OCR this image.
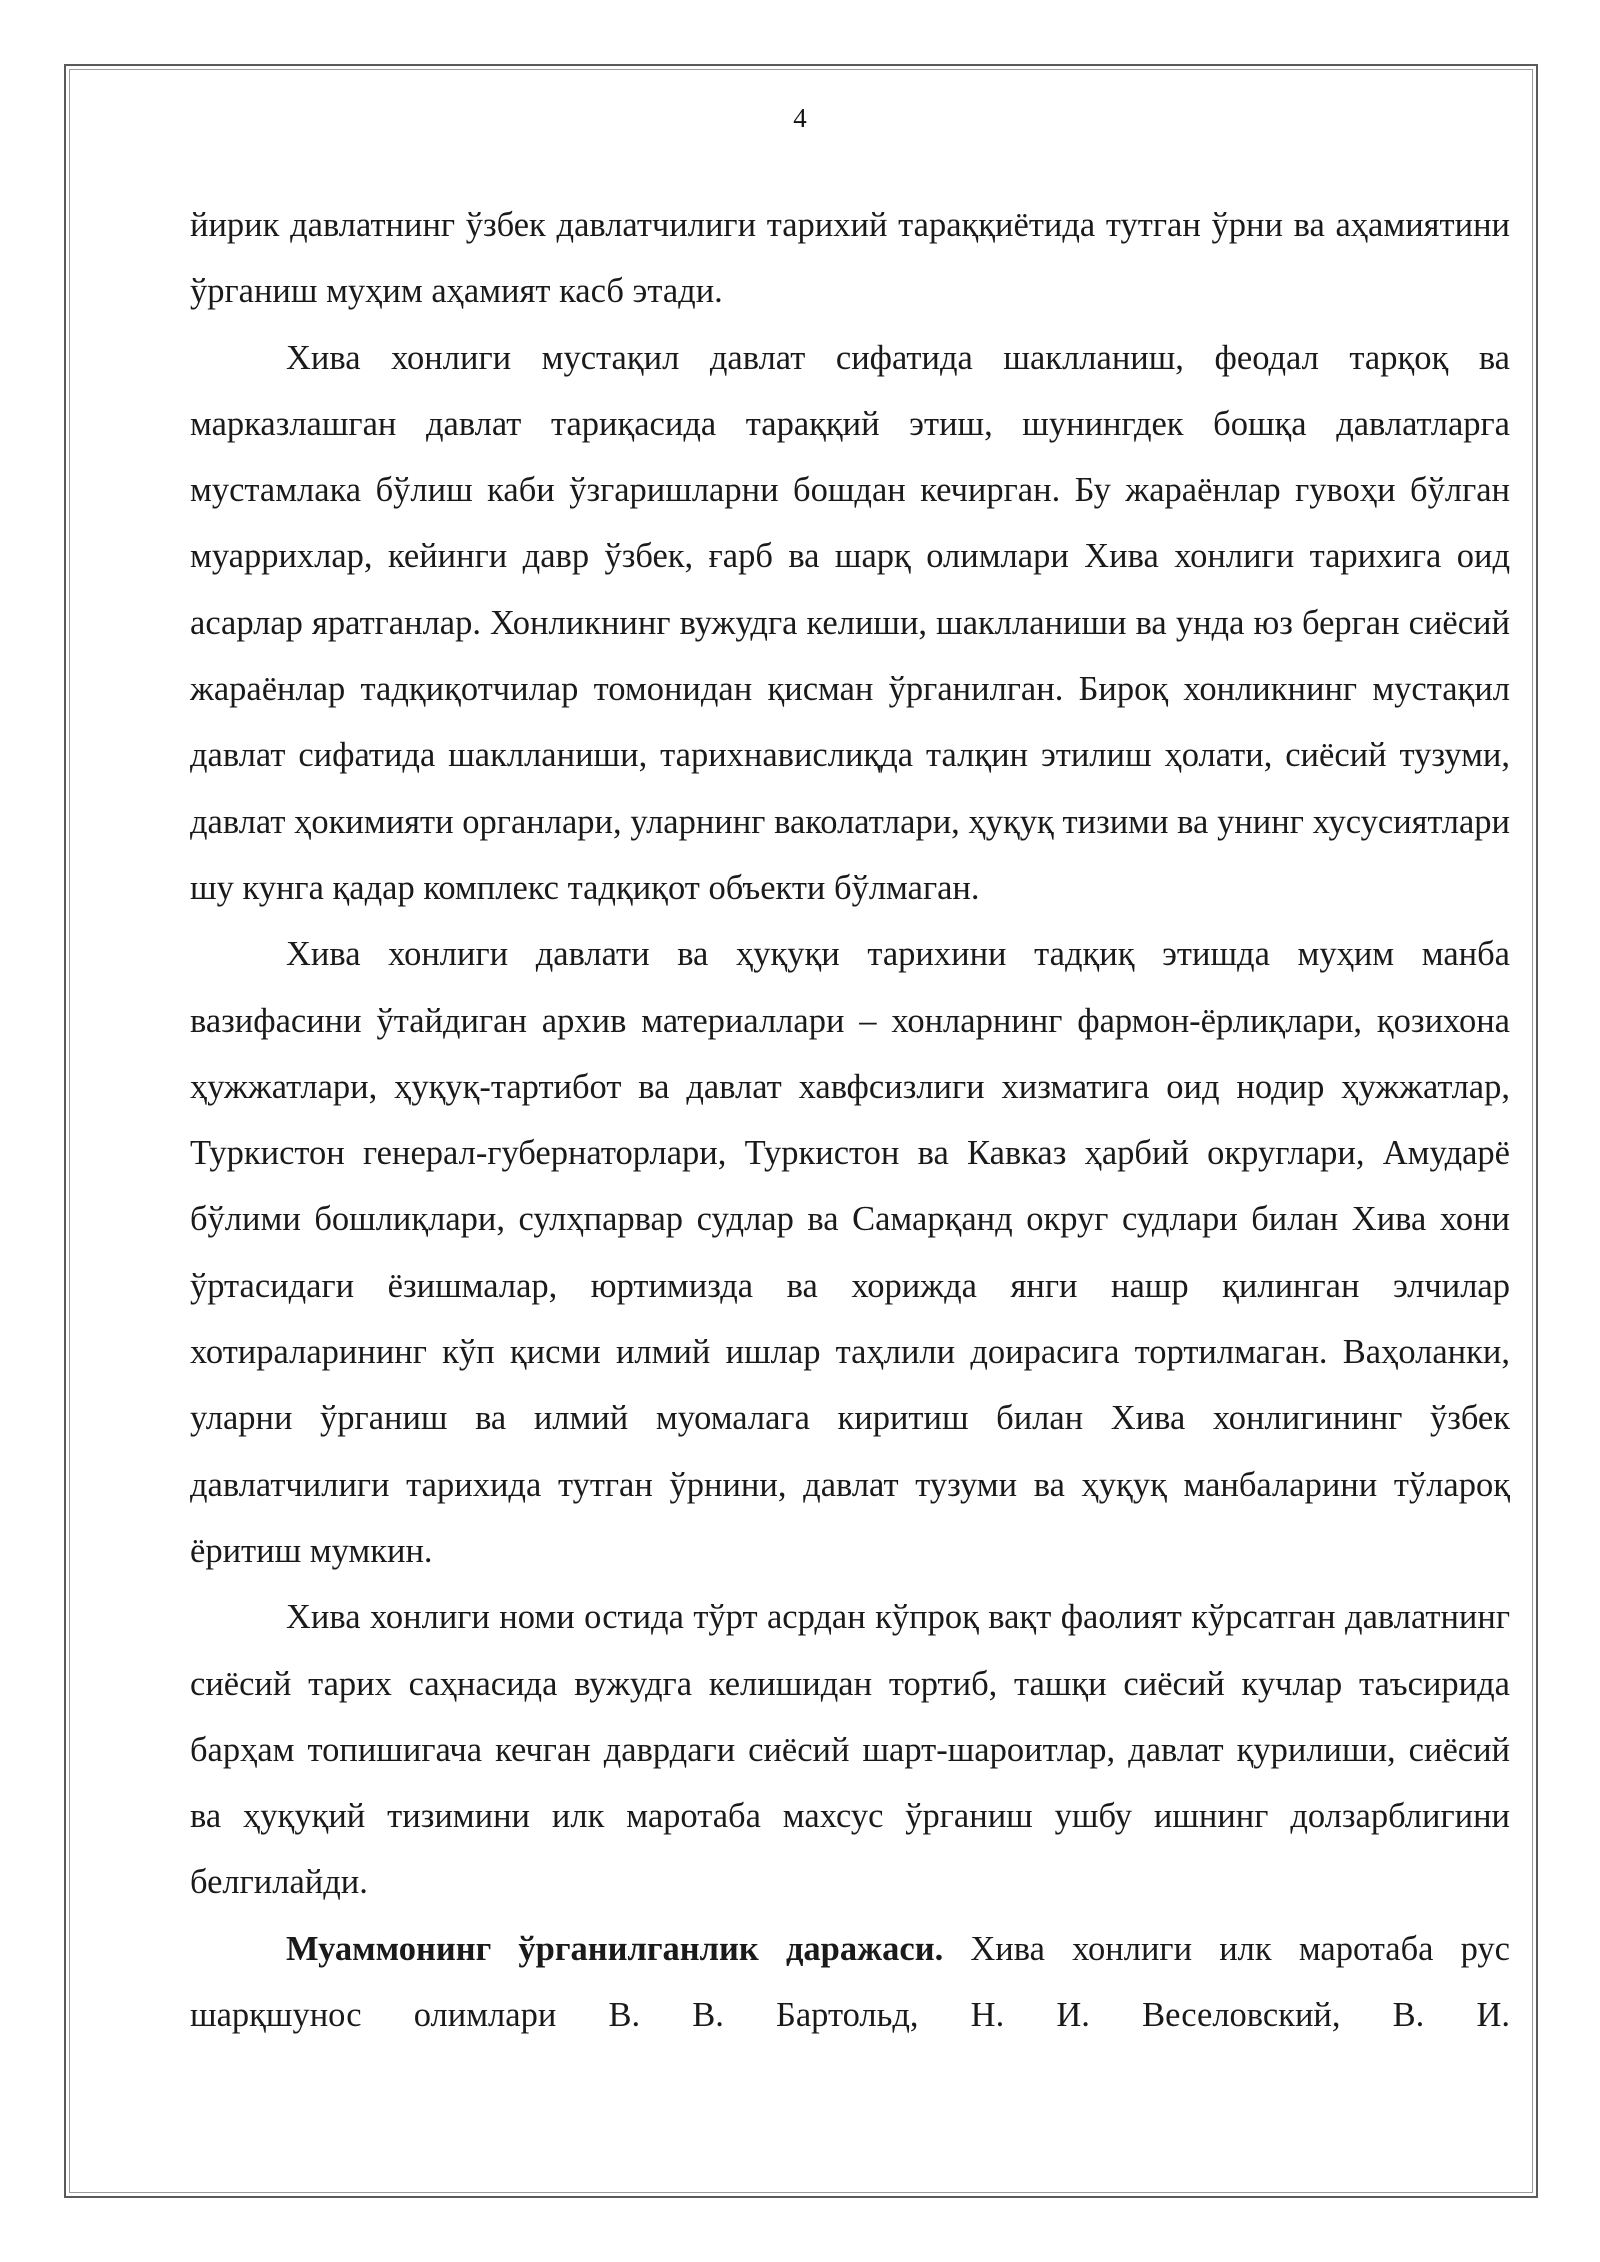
4

йирик давлатнинг ўзбек давлатчилиги тарихий тараққиётида тутган ўрни ва аҳамиятини ўрганиш муҳим аҳамият касб этади.

Хива хонлиги мустақил давлат сифатида шаклланиш, феодал тарқоқ ва марказлашган давлат тариқасида тараққий этиш, шунингдек бошқа давлатларга мустамлака бўлиш каби ўзгаришларни бошдан кечирган. Бу жараёнлар гувоҳи бўлган муаррихлар, кейинги давр ўзбек, ғарб ва шарқ олимлари Хива хонлиги тарихига оид асарлар яратганлар. Хонликнинг вужудга келиши, шаклланиши ва унда юз берган сиёсий жараёнлар тадқиқотчилар томонидан қисман ўрганилган. Бироқ хонликнинг мустақил давлат сифатида шаклланиши, тарихнавислиқда талқин этилиш ҳолати, сиёсий тузуми, давлат ҳокимияти органлари, уларнинг ваколатлари, ҳуқуқ тизими ва унинг хусусиятлари шу кунга қадар комплекс тадқиқот объекти бўлмаган.

Хива хонлиги давлати ва ҳуқуқи тарихини тадқиқ этишда муҳим манба вазифасини ўтайдиган архив материаллари – хонларнинг фармон-ёрлиқлари, қозихона ҳужжатлари, ҳуқуқ-тартибот ва давлат хавфсизлиги хизматига оид нодир ҳужжатлар, Туркистон генерал-губернаторлари, Туркистон ва Кавказ ҳарбий округлари, Амударё бўлими бошлиқлари, сулҳпарвар судлар ва Самарқанд округ судлари билан Хива хони ўртасидаги ёзишмалар, юртимизда ва хорижда янги нашр қилинган элчилар хотираларининг кўп қисми илмий ишлар таҳлили доирасига тортилмаган. Ваҳоланки, уларни ўрганиш ва илмий муомалага киритиш билан Хива хонлигининг ўзбек давлатчилиги тарихида тутган ўрнини, давлат тузуми ва ҳуқуқ манбаларини тўлароқ ёритиш мумкин.

Хива хонлиги номи остида тўрт асрдан кўпроқ вақт фаолият кўрсатган давлатнинг сиёсий тарих саҳнасида вужудга келишидан тортиб, ташқи сиёсий кучлар таъсирида барҳам топишигача кечган даврдаги сиёсий шарт-шароитлар, давлат қурилиши, сиёсий ва ҳуқуқий тизимини илк маротаба махсус ўрганиш ушбу ишнинг долзарблигини белгилайди.

Муаммонинг ўрганилганлик даражаси. Хива хонлиги илк маротаба рус шарқшунос олимлари В. В. Бартольд, Н. И. Веселовский, В. И.
